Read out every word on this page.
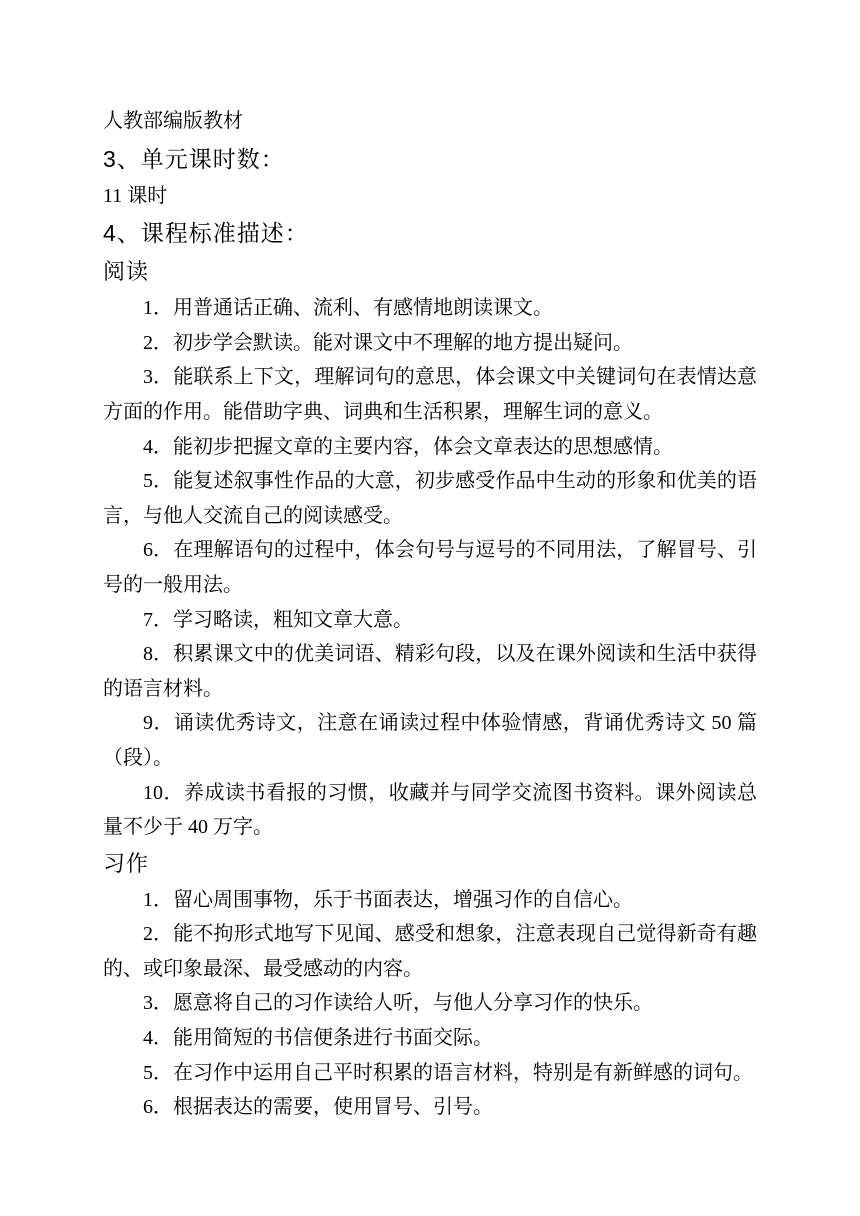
人教部编版教材

3、单元课时数：

11 课时

4、课程标准描述：
阅读

1．用普通话正确、流利、有感情地朗读课文。

2．初步学会默读。能对课文中不理解的地方提出疑问。

3．能联系上下文，理解词句的意思，体会课文中关键词句在表情达意方面的作用。能借助字典、词典和生活积累，理解生词的意义。

4．能初步把握文章的主要内容，体会文章表达的思想感情。

5．能复述叙事性作品的大意，初步感受作品中生动的形象和优美的语言，与他人交流自己的阅读感受。

6．在理解语句的过程中，体会句号与逗号的不同用法，了解冒号、引号的一般用法。

7．学习略读，粗知文章大意。

8．积累课文中的优美词语、精彩句段，以及在课外阅读和生活中获得的语言材料。

9．诵读优秀诗文，注意在诵读过程中体验情感，背诵优秀诗文 50 篇（段）。

10．养成读书看报的习惯，收藏并与同学交流图书资料。课外阅读总量不少于 40 万字。

习作

1．留心周围事物，乐于书面表达，增强习作的自信心。

2．能不拘形式地写下见闻、感受和想象，注意表现自己觉得新奇有趣的、或印象最深、最受感动的内容。

3．愿意将自己的习作读给人听，与他人分享习作的快乐。

4．能用简短的书信便条进行书面交际。

5．在习作中运用自己平时积累的语言材料，特别是有新鲜感的词句。

6．根据表达的需要，使用冒号、引号。
